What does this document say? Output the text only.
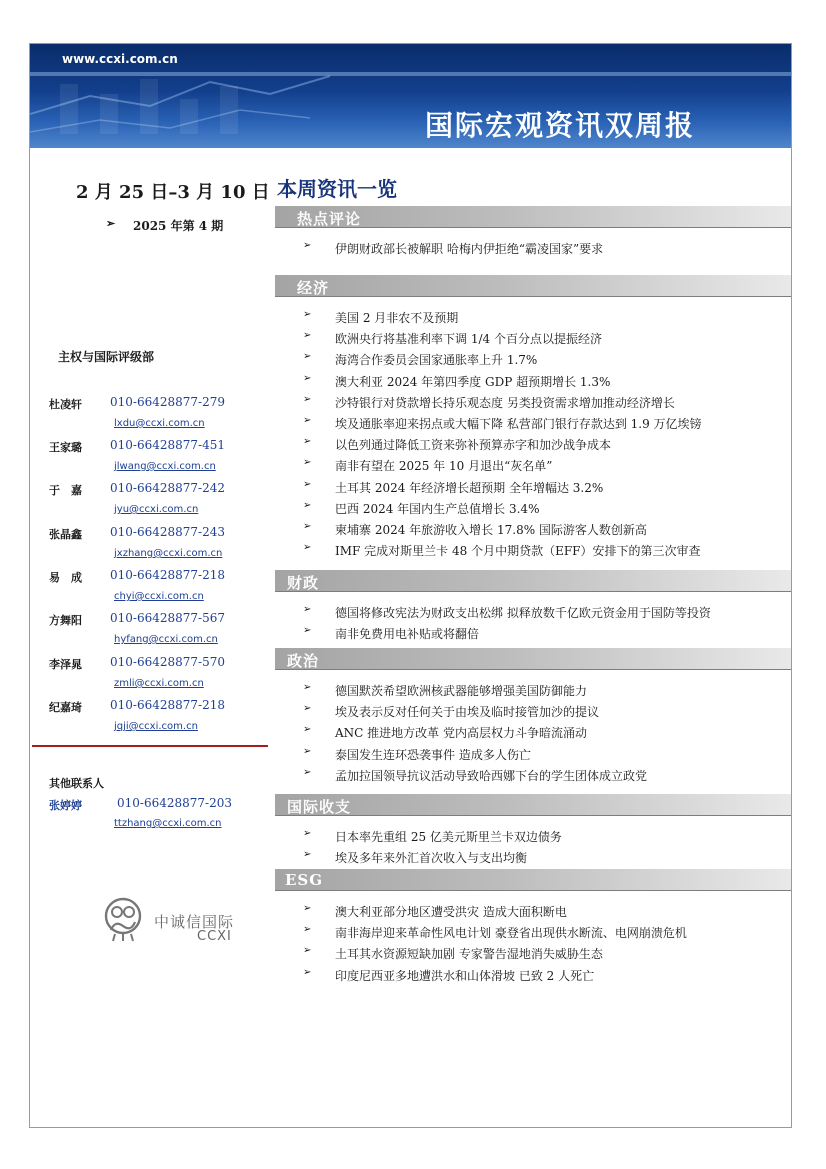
www.ccxi.com.cn
国际宏观资讯双周报
2 月 25 日–3 月 10 日
➢ 2025 年第 4 期
主权与国际评级部
杜凌轩 010-66428877-279
lxdu@ccxi.com.cn
王家璐 010-66428877-451
jlwang@ccxi.com.cn
于　嘉 010-66428877-242
jyu@ccxi.com.cn
张晶鑫 010-66428877-243
jxzhang@ccxi.com.cn
易　成 010-66428877-218
chyi@ccxi.com.cn
方舞阳 010-66428877-567
hyfang@ccxi.com.cn
李泽晁 010-66428877-570
zmli@ccxi.com.cn
纪嘉琦 010-66428877-218
jqji@ccxi.com.cn
其他联系人
张婷婷	010-66428877-203
ttzhang@ccxi.com.cn
中诚信国际
CCXI
本周资讯一览
热点评论
➢ 伊朗财政部长被解职 哈梅内伊拒绝“霸凌国家”要求
经济
➢ 美国 2 月非农不及预期
➢ 欧洲央行将基准利率下调 1/4 个百分点以提振经济
➢ 海湾合作委员会国家通胀率上升 1.7%
➢ 澳大利亚 2024 年第四季度 GDP 超预期增长 1.3%
➢ 沙特银行对贷款增长持乐观态度 另类投资需求增加推动经济增长
➢ 埃及通胀率迎来拐点或大幅下降 私营部门银行存款达到 1.9 万亿埃镑
➢ 以色列通过降低工资来弥补预算赤字和加沙战争成本
➢ 南非有望在 2025 年 10 月退出“灰名单”
➢ 土耳其 2024 年经济增长超预期 全年增幅达 3.2%
➢ 巴西 2024 年国内生产总值增长 3.4%
➢ 柬埔寨 2024 年旅游收入增长 17.8% 国际游客人数创新高
➢ IMF 完成对斯里兰卡 48 个月中期贷款（EFF）安排下的第三次审查
财政
➢ 德国将修改宪法为财政支出松绑 拟释放数千亿欧元资金用于国防等投资
➢ 南非免费用电补贴或将翻倍
政治
➢ 德国默茨希望欧洲核武器能够增强美国防御能力
➢ 埃及表示反对任何关于由埃及临时接管加沙的提议
➢ ANC 推进地方改革 党内高层权力斗争暗流涌动
➢ 泰国发生连环恐袭事件 造成多人伤亡
➢ 孟加拉国领导抗议活动导致哈西娜下台的学生团体成立政党
国际收支
➢ 日本率先重组 25 亿美元斯里兰卡双边债务
➢ 埃及多年来外汇首次收入与支出均衡
ESG
➢ 澳大利亚部分地区遭受洪灾 造成大面积断电
➢ 南非海岸迎来革命性风电计划 豪登省出现供水断流、电网崩溃危机
➢ 土耳其水资源短缺加剧 专家警告湿地消失威胁生态
➢ 印度尼西亚多地遭洪水和山体滑坡 已致 2 人死亡
